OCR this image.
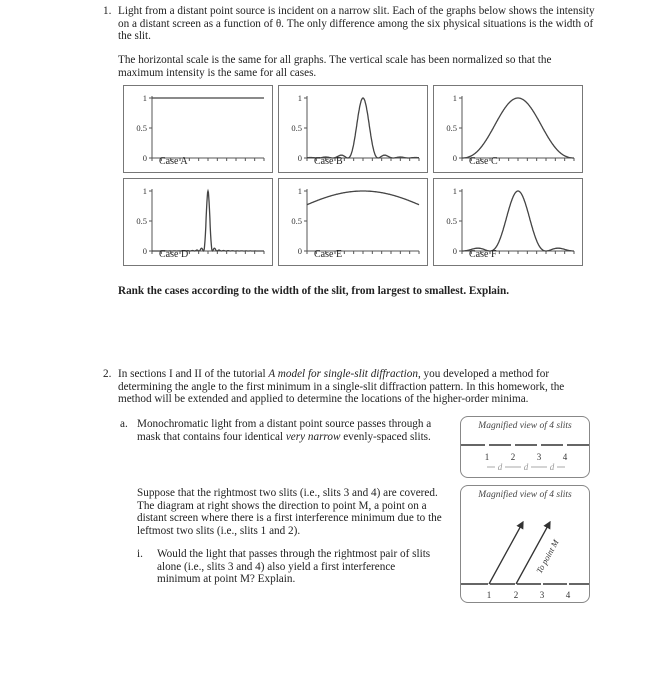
1. Light from a distant point source is incident on a narrow slit. Each of the graphs below shows the intensity on a distant screen as a function of θ. The only difference among the six physical situations is the width of the slit.

The horizontal scale is the same for all graphs. The vertical scale has been normalized so that the maximum intensity is the same for all cases.

1
0.5
0 Case A
1
0.5
0 Case B
1
0.5
0 Case C
1
0.5
0 Case D
1
0.5
0 Case E
1
0.5
0 Case F

Rank the cases according to the width of the slit, from largest to smallest. Explain.

2. In sections I and II of the tutorial A model for single-slit diffraction, you developed a method for determining the angle to the first minimum in a single-slit diffraction pattern. In this homework, the method will be extended and applied to determine the locations of the higher-order minima.

a. Monochromatic light from a distant point source passes through a mask that contains four identical very narrow evenly-spaced slits.

Suppose that the rightmost two slits (i.e., slits 3 and 4) are covered. The diagram at right shows the direction to point M, a point on a distant screen where there is a first interference minimum due to the leftmost two slits (i.e., slits 1 and 2).

i. Would the light that passes through the rightmost pair of slits alone (i.e., slits 3 and 4) also yield a first interference minimum at point M? Explain.

Magnified view of 4 slits
1 2 3 4
d d d
Magnified view of 4 slits
To point M
1	2 3 4
